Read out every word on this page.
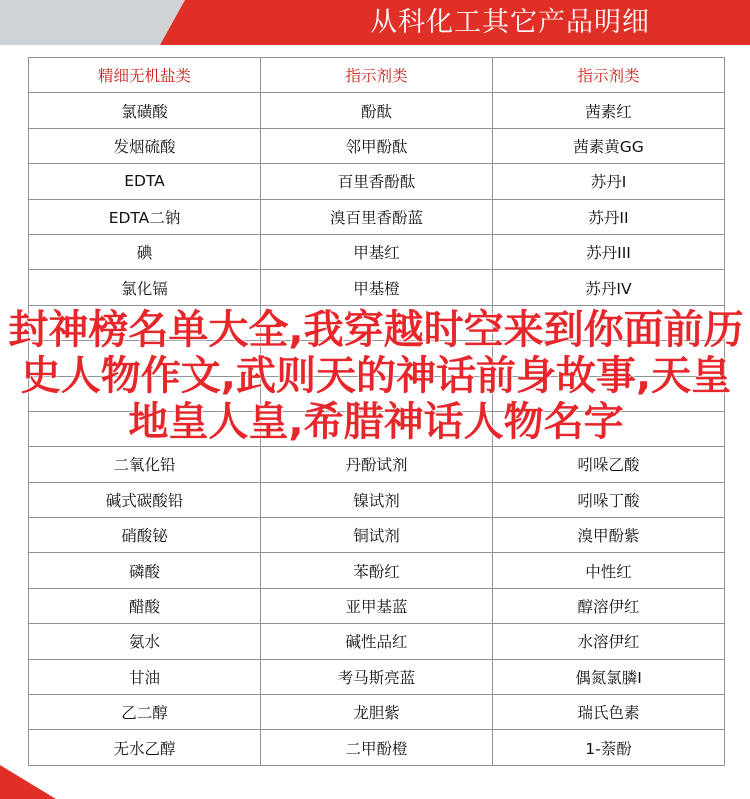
从科化工其它产品明细
精细无机盐类	指示剂类	指示剂类
氯磺酸	酚酞	茜素红
发烟硫酸	邻甲酚酞	茜素黄GG
EDTA	百里香酚酞	苏丹I
EDTA二钠	溴百里香酚蓝	苏丹II
碘	甲基红	苏丹III
氯化镉	甲基橙	苏丹IV

二氧化铅	丹酚试剂	吲哚乙酸
碱式碳酸铅	镍试剂	吲哚丁酸
硝酸铋	铜试剂	溴甲酚紫
磷酸	苯酚红	中性红
醋酸	亚甲基蓝	醇溶伊红
氨水	碱性品红	水溶伊红
甘油	考马斯亮蓝	偶氮氯膦I
乙二醇	龙胆紫	瑞氏色素
无水乙醇	二甲酚橙	1-萘酚
封神榜名单大全,我穿越时空来到你面前历史人物作文,武则天的神话前身故事,天皇地皇人皇,希腊神话人物名字
